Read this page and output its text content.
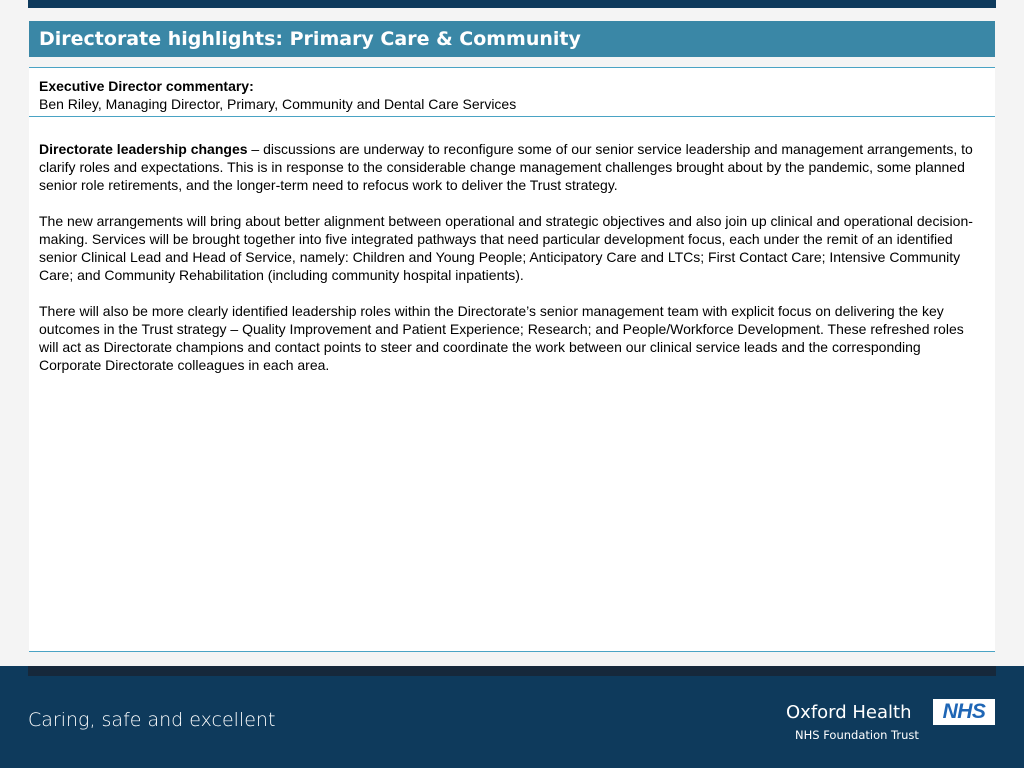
Directorate highlights: Primary Care & Community
Executive Director commentary:
Ben Riley, Managing Director, Primary, Community and Dental Care Services

Directorate leadership changes – discussions are underway to reconfigure some of our senior service leadership and management arrangements, to clarify roles and expectations. This is in response to the considerable change management challenges brought about by the pandemic, some planned senior role retirements, and the longer-term need to refocus work to deliver the Trust strategy.

The new arrangements will bring about better alignment between operational and strategic objectives and also join up clinical and operational decision-making. Services will be brought together into five integrated pathways that need particular development focus, each under the remit of an identified senior Clinical Lead and Head of Service, namely: Children and Young People; Anticipatory Care and LTCs; First Contact Care; Intensive Community Care; and Community Rehabilitation (including community hospital inpatients).

There will also be more clearly identified leadership roles within the Directorate’s senior management team with explicit focus on delivering the key outcomes in the Trust strategy – Quality Improvement and Patient Experience; Research; and People/Workforce Development. These refreshed roles will act as Directorate champions and contact points to steer and coordinate the work between our clinical service leads and the corresponding Corporate Directorate colleagues in each area.

Caring, safe and excellent	Oxford Health
NHS Foundation Trust
NHS
